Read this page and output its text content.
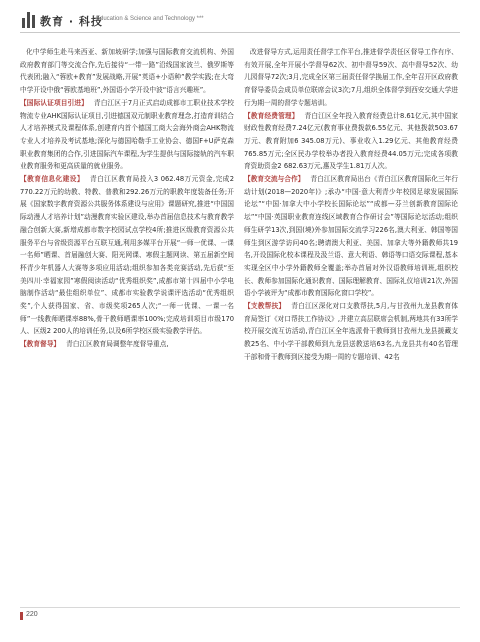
教育 · 科技
Education & Science and Technology ***

化中学师生赴马来西亚、新加坡研学;加强与国际教育交流机构、外国政府教育部门等交流合作,先后接待“一带一路”沿线国家波兰、俄罗斯等代表团;融入“蓉欧+教育”发展战略,开展“英语+小语种”教学实践;在大弯中学开设中俄“蓉欧基地班”,外国语小学开设中波“语言兴趣班”。

【国际认证项目引进】 青白江区于7月正式启动成都市工职业技术学校物流专业AHK国际认证项目,引进德国双元制职业教育理念,打造育训结合人才培养模式及课程体系,创建育内首个德国工商大会海外商会AHK物流专业人才培养及考试基地;深化与德国哈勒手工业协会、德国F+U萨克森职业教育集团的合作,引进国际汽车课程,为学生提供与国际接轨的汽车职业教育服务和更高质量的就业服务。

【教育信息化建设】 青白江区教育局投入3 062.48万元资金,完成2 770.22万元的幼教、特教、普教和292.26万元的职教年度装备任务;开展《国家数字教育资源公共服务体系建设与应用》课题研究,推进“中国国际动漫人才培养计划”动漫教育实验区建设,举办首届信息技术与教育教学融合创新大赛,新增成都市数字校园试点学校4所;推进区级教育资源公共服务平台与省级资源平台互联互通,利用多媒平台开展“一师一优课、一课一名师”晒课、首届融创大赛、阳光网课、寒假主题网读、第五届新空间杯青少年机器人大赛等多项应用活动;组织参加各类竞赛活动,先后获“至美四川·幸福家园”寒假阅读活动“优秀组织奖”,成都市第十四届中小学电脑制作活动“最佳组织单位”、成都市实验教学说课评选活动“优秀组织奖”,个人获得国家、省、市级奖项265人次;“一师一优课、一课一名师”一线教师晒课率88%,骨干教师晒课率100%;完成培训项目市级170人、区级2 200人的培训任务,以及6所学校区级实验教学评估。

【教育督导】 青白江区教育局调整年度督导重点,

改进督导方式,运用责任督学工作平台,推进督学责任区督导工作有序、有效开展,全年开展小学督导62次、初中督导59次、高中督导52次、幼儿园督导72次;3月,完成全区第三届责任督学换届工作,全年召开区政府教育督导委员会成员单位联席会议3次;7月,组织全体督学到西安交通大学进行为期一周的督学专题培训。

【教育经费管理】 青白江区全年投入教育经费总计8.61亿元,其中国家财政性教育经费7.24亿元(教育事业费拨款6.55亿元、其他拨款503.67万元、教育附加6 345.08万元)、事业收入1.29亿元、其他教育经费765.85万元;全区民办学校举办者投入教育经费44.05万元;完成各项教育资助资金2 682.63万元,惠及学生1.81万人次。

【教育交流与合作】 青白江区教育局出台《青白江区教育国际化三年行动计划(2018—2020年)》;承办“中国·意大利青少年校园足球发展国际论坛”“中国·加拿大中小学校长国际论坛”“成都—芬兰创新教育国际论坛”“中国·英国职业教育连线区域教育合作研讨会”等国际论坛活动;组织师生研学13次,到国(境)外参加国际交流学习226名,澳大利亚、韩国等国师生到区游学访问40名;聘请澳大利亚、美国、加拿大等外籍教师共19名,开设国际化校本课程及汲兰语、意大利语、韩语等口语交际课程,基本实现全区中小学外籍教师全覆盖;举办首届对外汉语教师培训班,组织校长、教师参加国际化通识教育、国际理解教育、国际礼仪培训21次,外国语小学被评为“成都市教育国际化窗口学校”。

【支教帮扶】 青白江区深化对口支教帮扶,5月,与甘孜州九龙县教育体育局签订《对口帮扶工作协议》,并建立高层联席会机制,两地共有33所学校开展交流互访活动,青白江区全年选派骨干教师到甘孜州九龙县援藏支教25名、中小学干部教师到九龙县送教送培63名,九龙县共有40名管理干部和骨干教师到区接受为期一周的专题培训、42名

220
